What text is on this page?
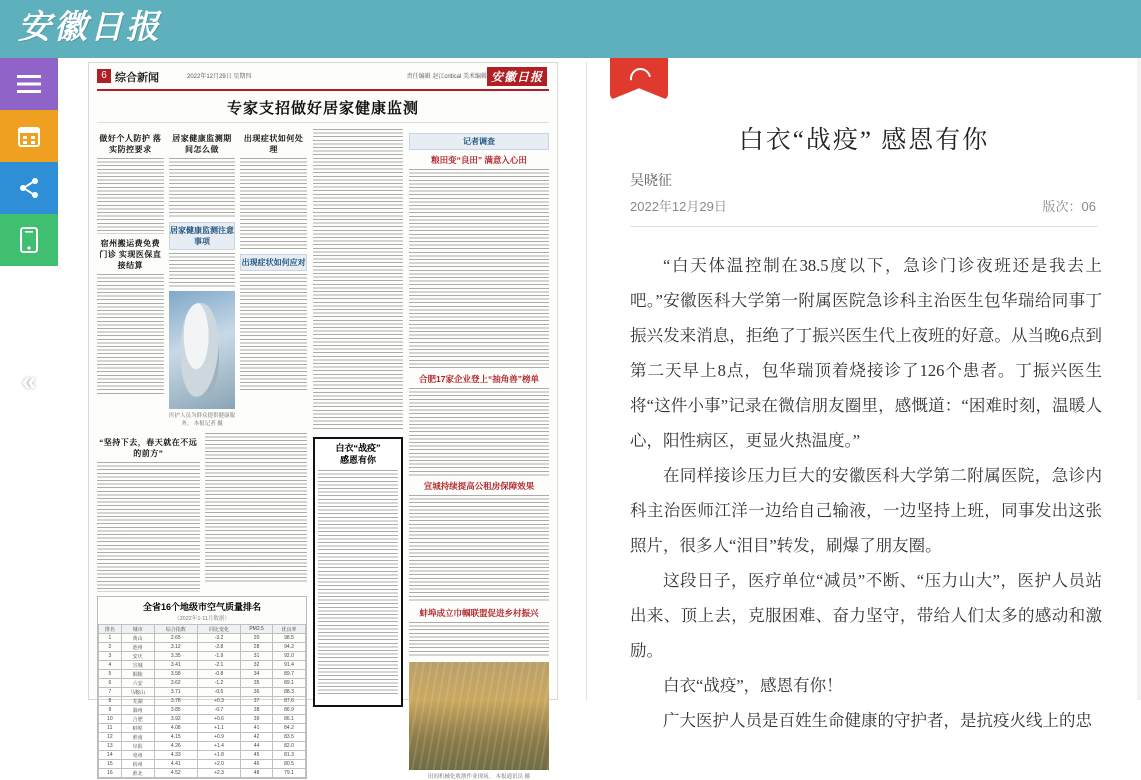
安徽日报
«
6 综合新闻	2022年12月29日 星期四	责任编辑 赵江critical 美术编辑 安徽日报
专家支招做好居家健康监测
做好个人防护 落实防控要求
宿州搬运费免费门诊 实现医保直接结算
居家健康监测期间怎么做
居家健康监测注意事项
医护人员为群众提供健康服务。 本报记者 摄
出现症状如何处理
出现症状如何应对
“坚持下去，春天就在不远的前方”
全省16个地级市空气质量排名
（2022年1-11月数据）
排名	城市	综合指数	同比变化	PM2.5	优良率
1	黄山	2.65	-3.2	20	98.5
2	池州	3.12	-2.8	28	94.2
3	安庆	3.35	-1.9	31	92.0
4	宣城	3.41	-2.1	32	91.4
5	铜陵	3.58	-0.8	34	89.7
6	六安	3.62	-1.2	35	89.1
7	马鞍山	3.71	-0.5	36	88.3
8	芜湖	3.78	+0.3	37	87.6
9	滁州	3.85	-0.7	38	86.9
10	合肥	3.92	+0.6	39	86.1
11	蚌埠	4.08	+1.1	41	84.2
12	淮南	4.15	+0.9	42	83.5
13	阜阳	4.26	+1.4	44	82.0
14	亳州	4.33	+1.8	45	81.3
15	宿州	4.41	+2.0	46	80.5
16	淮北	4.52	+2.3	48	79.1
白衣“战疫”
感恩有你
记者调查
粮田变“良田” 满意入心田
合肥17家企业登上“抽角兽”榜单
宣城持续提高公租房保障效果
蚌埠成立巾帼联盟促进乡村振兴
田间机械化收割作业现场。 本报通讯员 摄
白衣“战疫” 感恩有你
吴晓征
2022年12月29日	版次：06

“白天体温控制在38.5度以下，急诊门诊夜班还是我去上吧。”安徽医科大学第一附属医院急诊科主治医生包华瑞给同事丁振兴发来消息，拒绝了丁振兴医生代上夜班的好意。从当晚6点到第二天早上8点，包华瑞顶着烧接诊了126个患者。丁振兴医生将“这件小事”记录在微信朋友圈里，感慨道：“困难时刻，温暖人心，阳性病区，更显火热温度。”

在同样接诊压力巨大的安徽医科大学第二附属医院，急诊内科主治医师江洋一边给自己输液，一边坚持上班，同事发出这张照片，很多人“泪目”转发，刷爆了朋友圈。

这段日子，医疗单位“减员”不断、“压力山大”，医护人员站出来、顶上去，克服困难、奋力坚守，带给人们太多的感动和激励。

白衣“战疫”，感恩有你！

广大医护人员是百姓生命健康的守护者，是抗疫火线上的忠
